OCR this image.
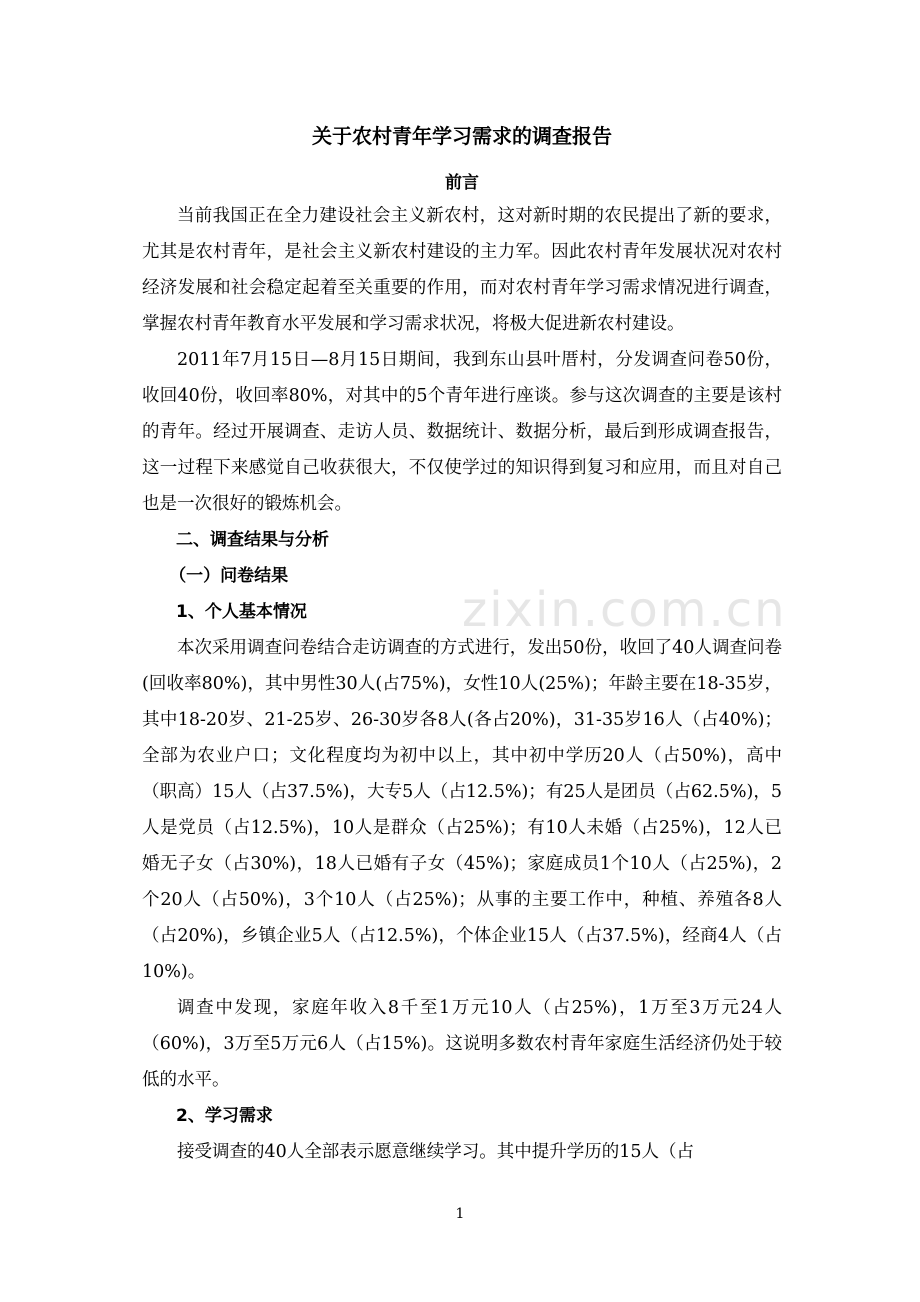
zixin.com.cn
关于农村青年学习需求的调查报告
前言

当前我国正在全力建设社会主义新农村，这对新时期的农民提出了新的要求，尤其是农村青年，是社会主义新农村建设的主力军。因此农村青年发展状况对农村经济发展和社会稳定起着至关重要的作用，而对农村青年学习需求情况进行调查，掌握农村青年教育水平发展和学习需求状况，将极大促进新农村建设。

2011年7月15日—8月15日期间，我到东山县叶厝村，分发调查问卷50份，收回40份，收回率80%，对其中的5个青年进行座谈。参与这次调查的主要是该村的青年。经过开展调查、走访人员、数据统计、数据分析，最后到形成调查报告，这一过程下来感觉自己收获很大，不仅使学过的知识得到复习和应用，而且对自己也是一次很好的锻炼机会。

二、调查结果与分析
（一）问卷结果
1、个人基本情况

本次采用调查问卷结合走访调查的方式进行，发出50份，收回了40人调查问卷(回收率80%)，其中男性30人(占75%)，女性10人(25%)；年龄主要在18-35岁，其中18-20岁、21-25岁、26-30岁各8人(各占20%)，31-35岁16人（占40%)；全部为农业户口；文化程度均为初中以上，其中初中学历20人（占50%)，高中（职高）15人（占37.5%)，大专5人（占12.5%)；有25人是团员（占62.5%)，5人是党员（占12.5%)，10人是群众（占25%)；有10人未婚（占25%)，12人已婚无子女（占30%)，18人已婚有子女（45%)；家庭成员1个10人（占25%)，2个20人（占50%)，3个10人（占25%)；从事的主要工作中，种植、养殖各8人（占20%)，乡镇企业5人（占12.5%)，个体企业15人（占37.5%)，经商4人（占10%)。

调查中发现，家庭年收入8千至1万元10人（占25%)，1万至3万元24人（60%)，3万至5万元6人（占15%)。这说明多数农村青年家庭生活经济仍处于较低的水平。

2、学习需求

接受调查的40人全部表示愿意继续学习。其中提升学历的15人（占

1
